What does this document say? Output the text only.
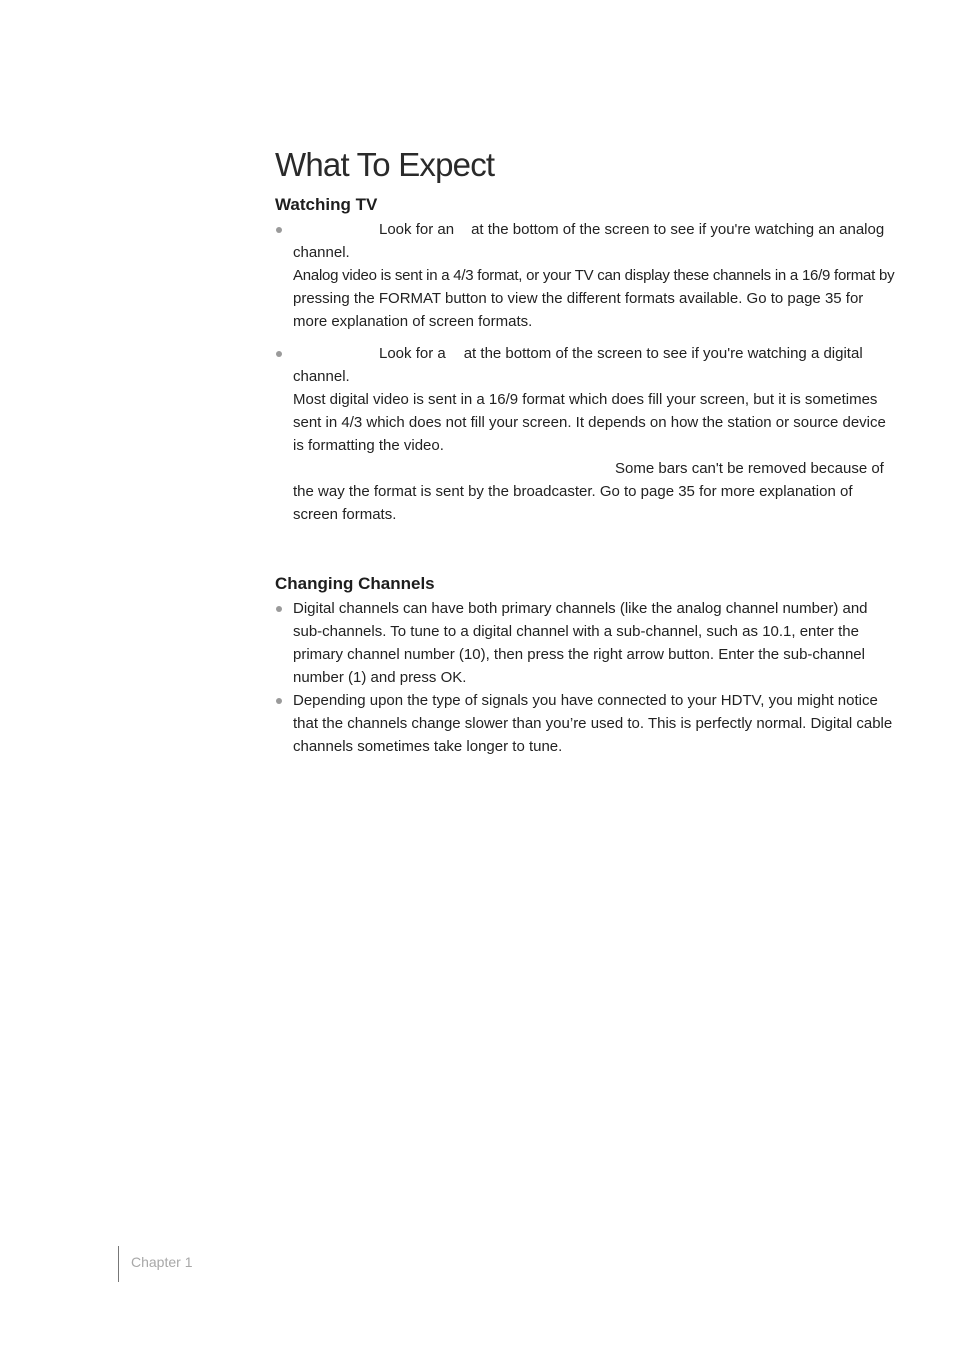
What To Expect
Watching TV
Look for an at the bottom of the screen to see if you're watching an analog
channel.
Analog video is sent in a 4/3 format, or your TV can display these channels in a 16/9 format by
pressing the FORMAT button to view the different formats available. Go to page 35 for
more explanation of screen formats.
Look for a at the bottom of the screen to see if you're watching a digital
channel.
Most digital video is sent in a 16/9 format which does fill your screen, but it is sometimes
sent in 4/3 which does not fill your screen. It depends on how the station or source device
is formatting the video.
Some bars can't be removed because of
the way the format is sent by the broadcaster. Go to page 35 for more explanation of
screen formats.
Changing Channels
Digital channels can have both primary channels (like the analog channel number) and
sub-channels. To tune to a digital channel with a sub-channel, such as 10.1, enter the
primary channel number (10), then press the right arrow button. Enter the sub-channel
number (1) and press OK.
Depending upon the type of signals you have connected to your HDTV, you might notice
that the channels change slower than you’re used to. This is perfectly normal. Digital cable
channels sometimes take longer to tune.
Chapter 1
